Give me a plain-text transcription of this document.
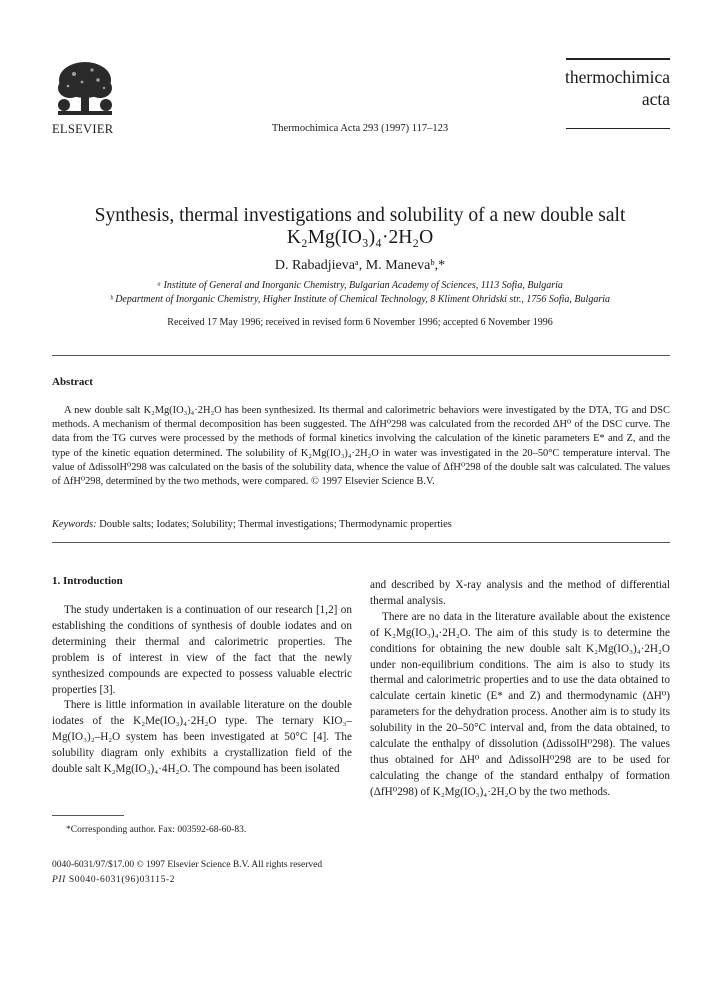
ELSEVIER	Thermochimica Acta 293 (1997) 117–123
thermochimica
acta
Synthesis, thermal investigations and solubility of a new double salt
K₂Mg(IO₃)₄·2H₂O
D. Rabadjievaᵃ, M. Manevaᵇ,*
ᵃ Institute of General and Inorganic Chemistry, Bulgarian Academy of Sciences, 1113 Sofia, Bulgaria
ᵇ Department of Inorganic Chemistry, Higher Institute of Chemical Technology, 8 Kliment Ohridski str., 1756 Sofia, Bulgaria
Received 17 May 1996; received in revised form 6 November 1996; accepted 6 November 1996
Abstract

A new double salt K₂Mg(IO₃)₄·2H₂O has been synthesized. Its thermal and calorimetric behaviors were investigated by the DTA, TG and DSC methods. A mechanism of thermal decomposition has been suggested. The ΔfH⁰298 was calculated from the recorded ΔH⁰ of the DSC curve. The data from the TG curves were processed by the methods of formal kinetics involving the calculation of the kinetic parameters E* and Z, and the type of the kinetic equation determined. The solubility of K₂Mg(IO₃)₄·2H₂O in water was investigated in the 20–50°C temperature interval. The value of ΔdissolH⁰298 was calculated on the basis of the solubility data, whence the value of ΔfH⁰298 of the double salt was calculated. The values of ΔfH⁰298, determined by the two methods, were compared. © 1997 Elsevier Science B.V.

Keywords: Double salts; Iodates; Solubility; Thermal investigations; Thermodynamic properties
1. Introduction

The study undertaken is a continuation of our research [1,2] on establishing the conditions of synthesis of double iodates and on determining their thermal and calorimetric properties. The problem is of interest in view of the fact that the newly synthesized compounds are expected to possess valuable electric properties [3].

There is little information in available literature on the double iodates of the K₂Me(IO₃)₄·2H₂O type. The ternary KIO₃–Mg(IO₃)₂–H₂O system has been investigated at 50°C [4]. The solubility diagram only exhibits a crystallization field of the double salt K₂Mg(IO₃)₄·4H₂O. The compound has been isolated

and described by X-ray analysis and the method of differential thermal analysis.

There are no data in the literature available about the existence of K₂Mg(IO₃)₄·2H₂O. The aim of this study is to determine the conditions for obtaining the new double salt K₂Mg(IO₃)₄·2H₂O under non-equilibrium conditions. The aim is also to study its thermal and calorimetric properties and to use the data obtained to calculate certain kinetic (E* and Z) and thermodynamic (ΔH⁰) parameters for the dehydration process. Another aim is to study its solubility in the 20–50°C interval and, from the data obtained, to calculate the enthalpy of dissolution (ΔdissolH⁰298). The values thus obtained for ΔH⁰ and ΔdissolH⁰298 are to be used for calculating the change of the standard enthalpy of formation (ΔfH⁰298) of K₂Mg(IO₃)₄·2H₂O by the two methods.

*Corresponding author. Fax: 003592-68-60-83.
0040-6031/97/$17.00 © 1997 Elsevier Science B.V. All rights reserved
PII S0040-6031(96)03115-2
